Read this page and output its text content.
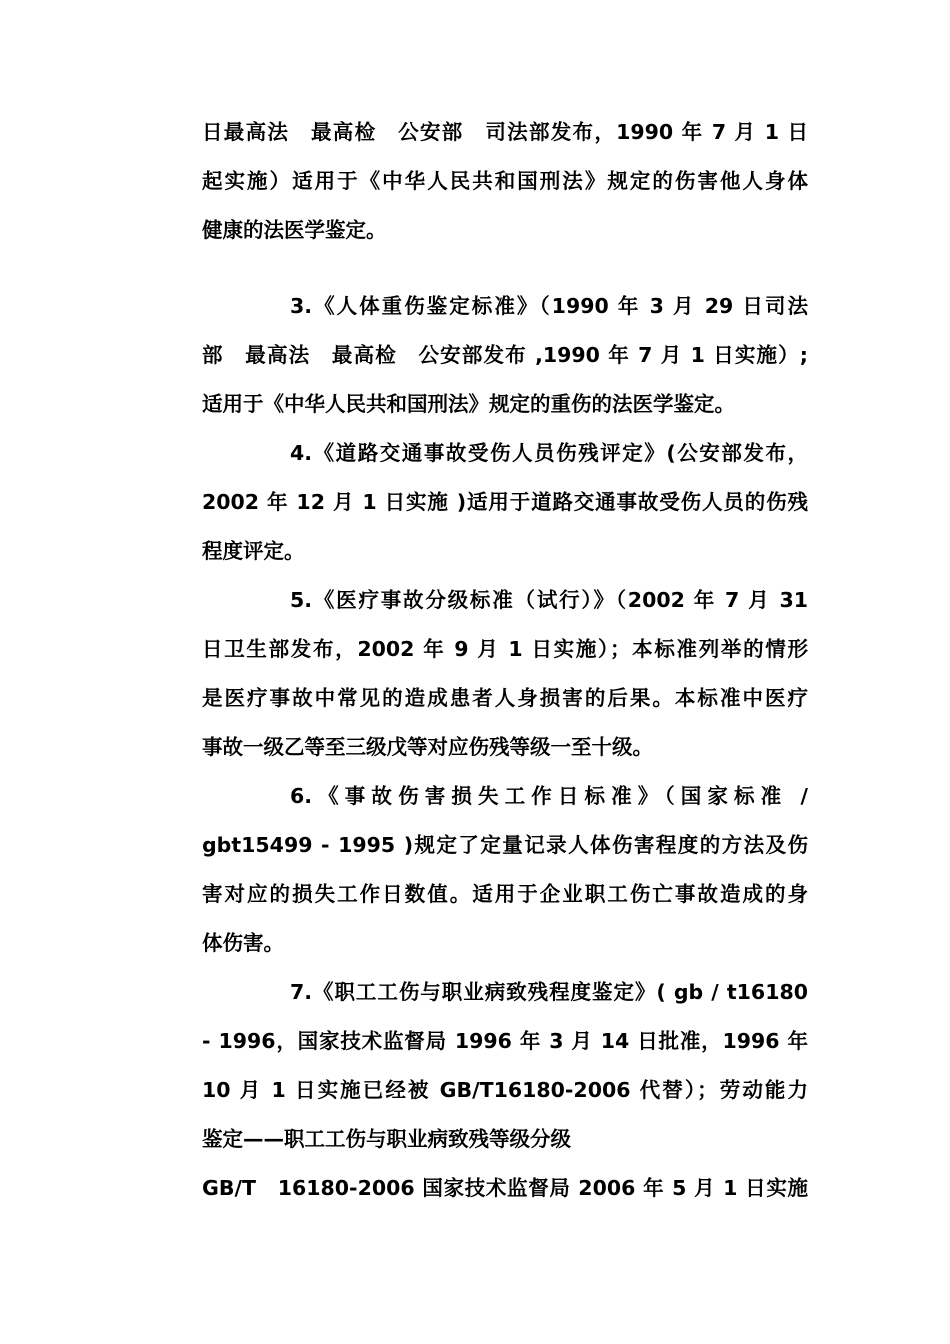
日最高法　最高检　公安部　司法部发布，1990 年 7 月 1 日
起实施）适用于《中华人民共和国刑法》规定的伤害他人身体
健康的法医学鉴定。
3.《人体重伤鉴定标准》（1990 年 3 月 29 日司法
部　最高法　最高检　公安部发布 ,1990 年 7 月 1 日实施）;
适用于《中华人民共和国刑法》规定的重伤的法医学鉴定。
4.《道路交通事故受伤人员伤残评定》(公安部发布，
2002 年 12 月 1 日实施 )适用于道路交通事故受伤人员的伤残
程度评定。
5.《医疗事故分级标准（试行）》（2002 年 7 月 31
日卫生部发布，2002 年 9 月 1 日实施）；本标准列举的情形
是医疗事故中常见的造成患者人身损害的后果。本标准中医疗
事故一级乙等至三级戊等对应伤残等级一至十级。
6.《事故伤害损失工作日标准》（国家标准 /
gbt15499 - 1995 )规定了定量记录人体伤害程度的方法及伤
害对应的损失工作日数值。适用于企业职工伤亡事故造成的身
体伤害。
7.《职工工伤与职业病致残程度鉴定》( gb / t16180
- 1996，国家技术监督局 1996 年 3 月 14 日批准，1996 年
10 月 1 日实施已经被 GB/T16180-2006 代替）；劳动能力
鉴定——职工工伤与职业病致残等级分级
GB/T　16180-2006 国家技术监督局 2006 年 5 月 1 日实施
